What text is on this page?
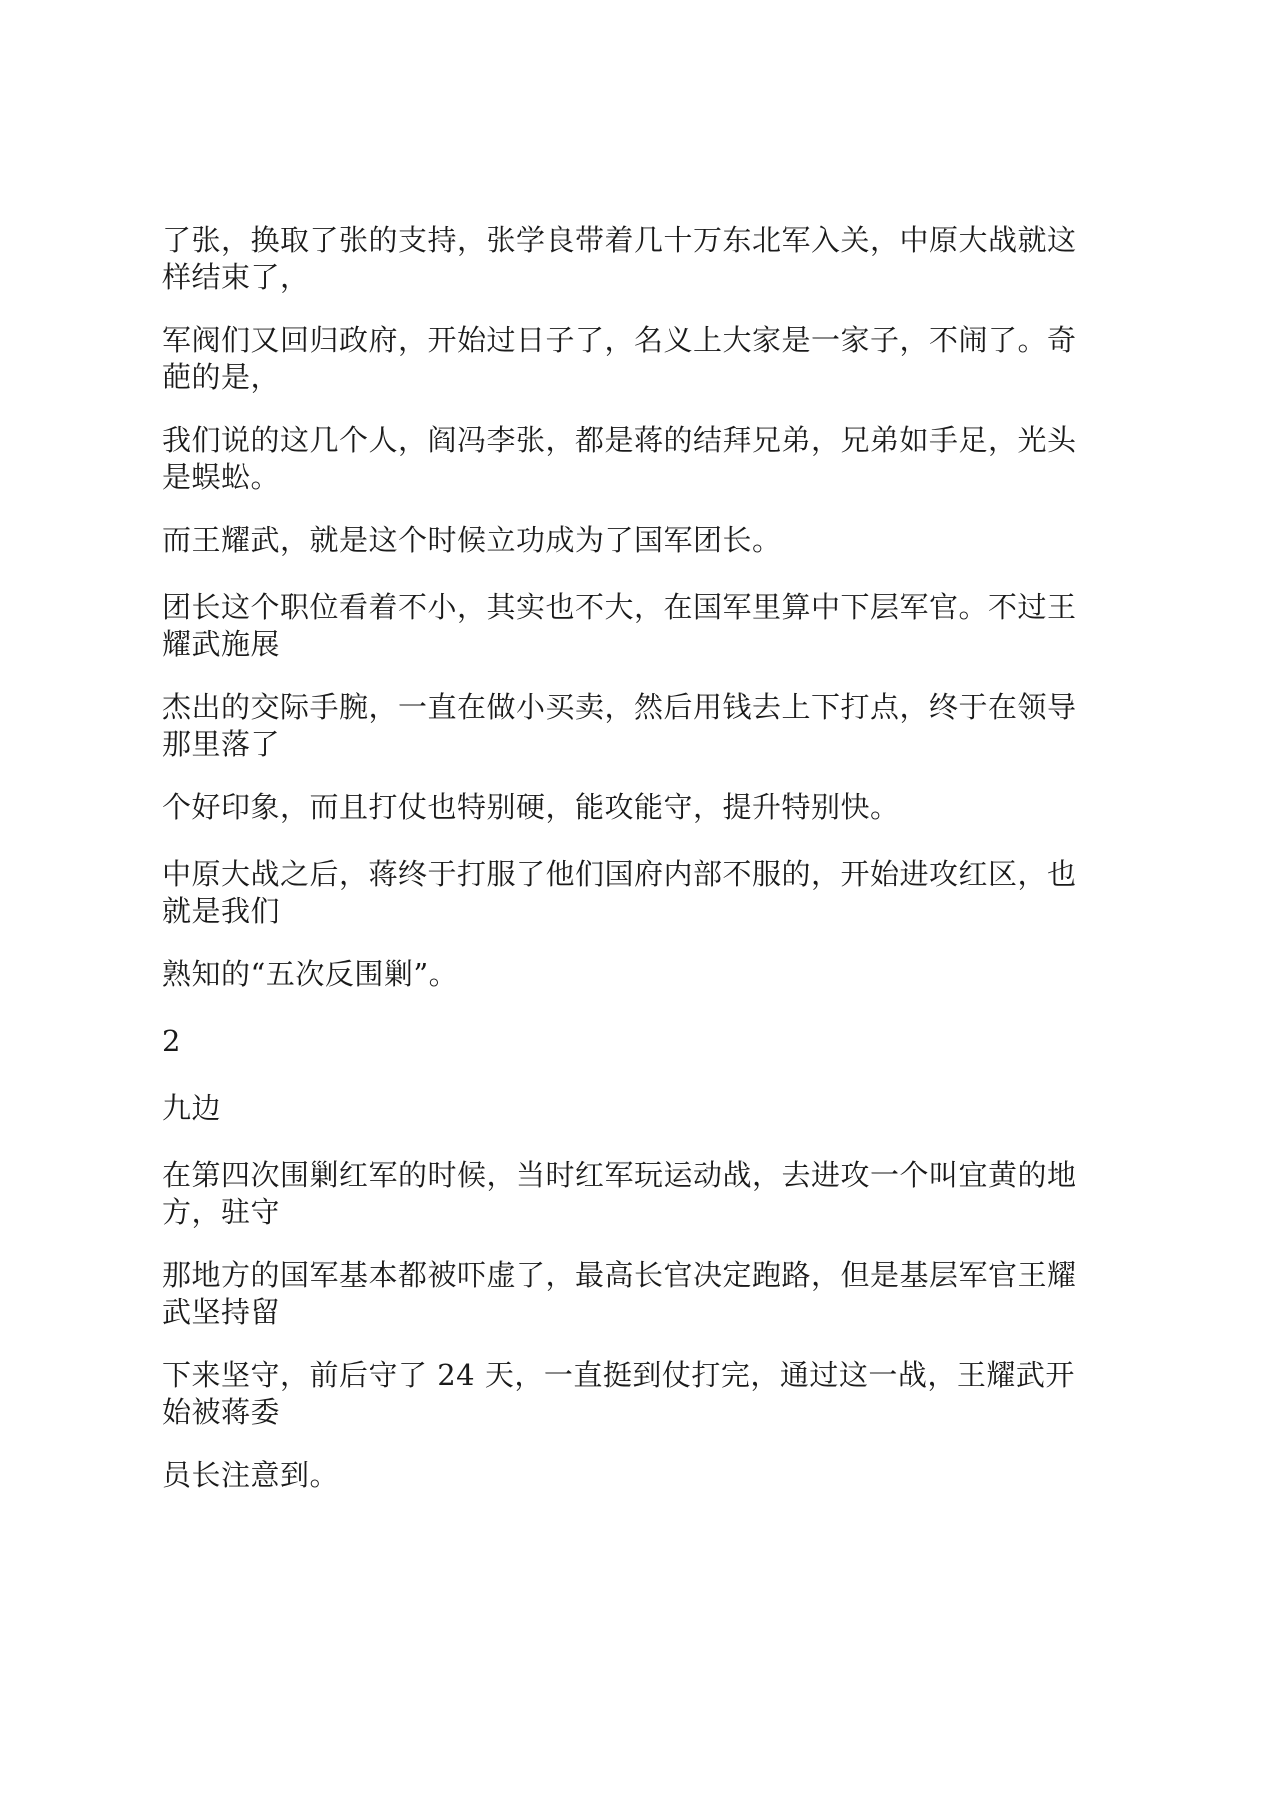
了张，换取了张的支持，张学良带着几十万东北军入关，中原大战就这样结束了，

军阀们又回归政府，开始过日子了，名义上大家是一家子，不闹了。奇葩的是，

我们说的这几个人，阎冯李张，都是蒋的结拜兄弟，兄弟如手足，光头是蜈蚣。

而王耀武，就是这个时候立功成为了国军团长。

团长这个职位看着不小，其实也不大，在国军里算中下层军官。不过王耀武施展

杰出的交际手腕，一直在做小买卖，然后用钱去上下打点，终于在领导那里落了

个好印象，而且打仗也特别硬，能攻能守，提升特别快。

中原大战之后，蒋终于打服了他们国府内部不服的，开始进攻红区，也就是我们

熟知的“五次反围剿”。

2

九边

在第四次围剿红军的时候，当时红军玩运动战，去进攻一个叫宜黄的地方，驻守

那地方的国军基本都被吓虚了，最高长官决定跑路，但是基层军官王耀武坚持留

下来坚守，前后守了 24 天，一直挺到仗打完，通过这一战，王耀武开始被蒋委

员长注意到。
